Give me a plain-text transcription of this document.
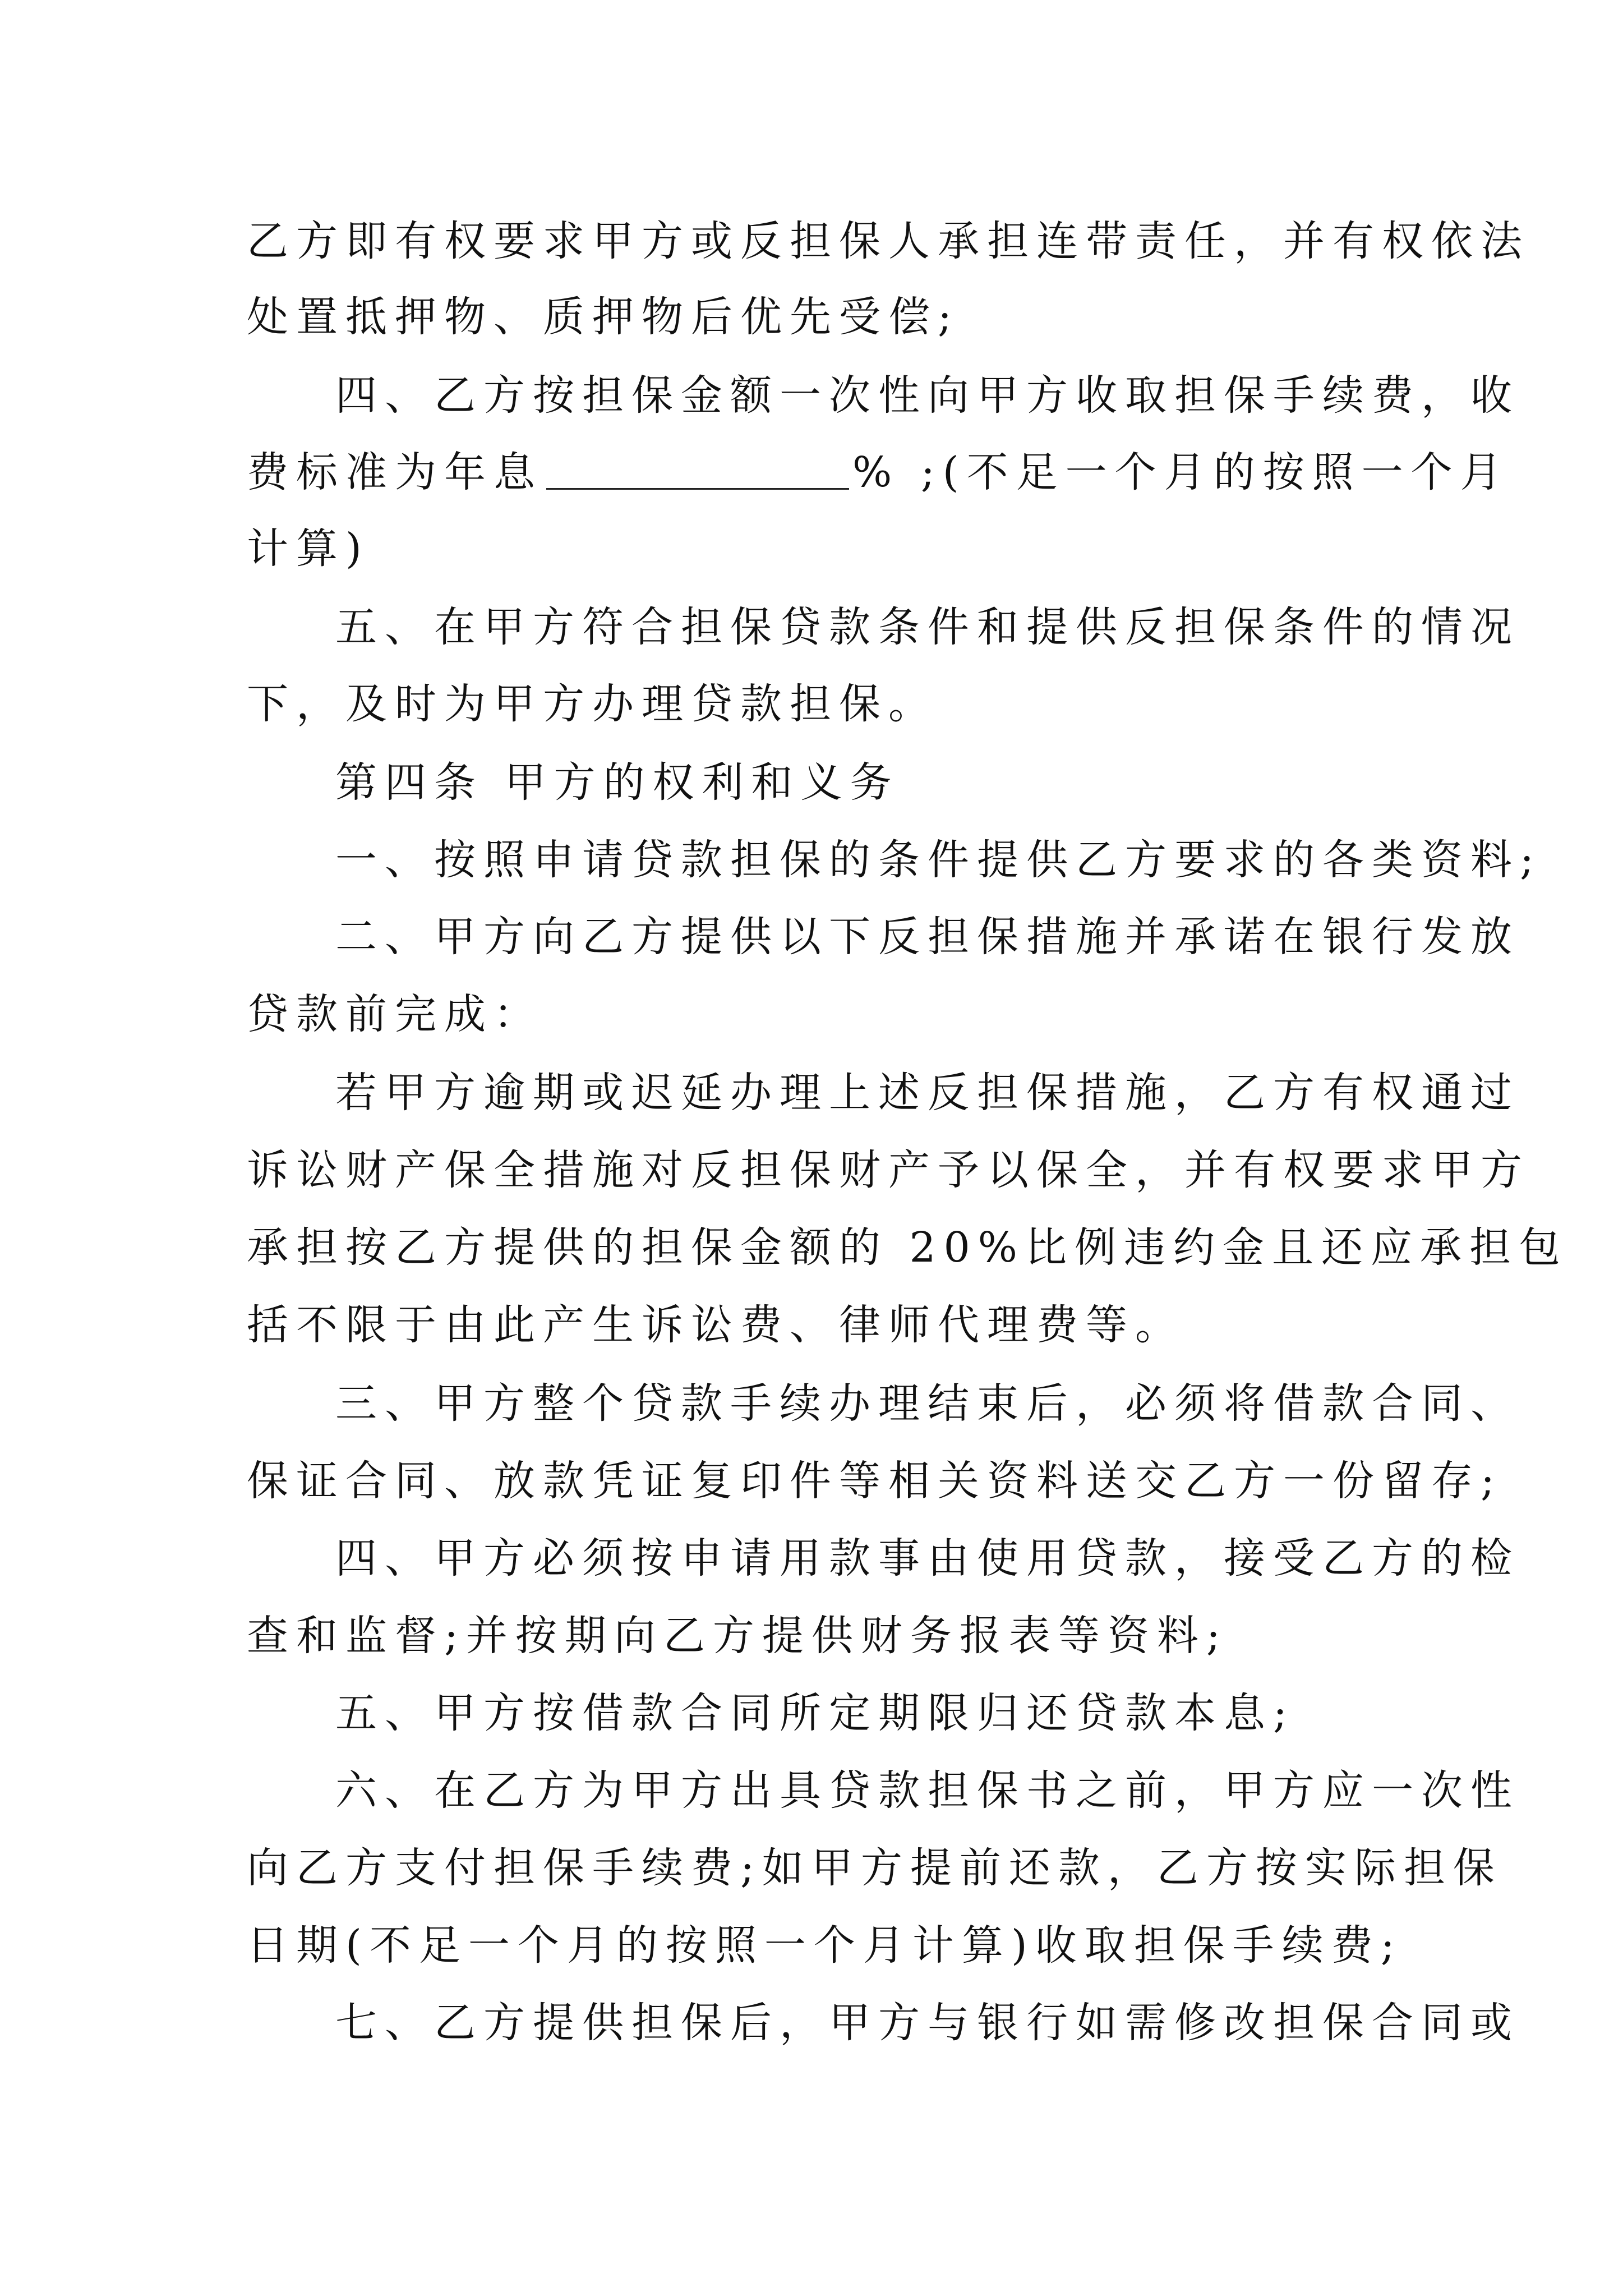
乙方即有权要求甲方或反担保人承担连带责任，并有权依法
处置抵押物、质押物后优先受偿;
四、乙方按担保金额一次性向甲方收取担保手续费，收
费标准为年息	% ;(不足一个月的按照一个月
计算)
五、在甲方符合担保贷款条件和提供反担保条件的情况
下，及时为甲方办理贷款担保。
第四条 甲方的权利和义务
一、按照申请贷款担保的条件提供乙方要求的各类资料;
二、甲方向乙方提供以下反担保措施并承诺在银行发放
贷款前完成：
若甲方逾期或迟延办理上述反担保措施，乙方有权通过
诉讼财产保全措施对反担保财产予以保全，并有权要求甲方
承担按乙方提供的担保金额的 20%比例违约金且还应承担包
括不限于由此产生诉讼费、律师代理费等。
三、甲方整个贷款手续办理结束后，必须将借款合同、
保证合同、放款凭证复印件等相关资料送交乙方一份留存;
四、甲方必须按申请用款事由使用贷款，接受乙方的检
查和监督;并按期向乙方提供财务报表等资料;
五、甲方按借款合同所定期限归还贷款本息;
六、在乙方为甲方出具贷款担保书之前，甲方应一次性
向乙方支付担保手续费;如甲方提前还款，乙方按实际担保
日期(不足一个月的按照一个月计算)收取担保手续费;
七、乙方提供担保后，甲方与银行如需修改担保合同或
